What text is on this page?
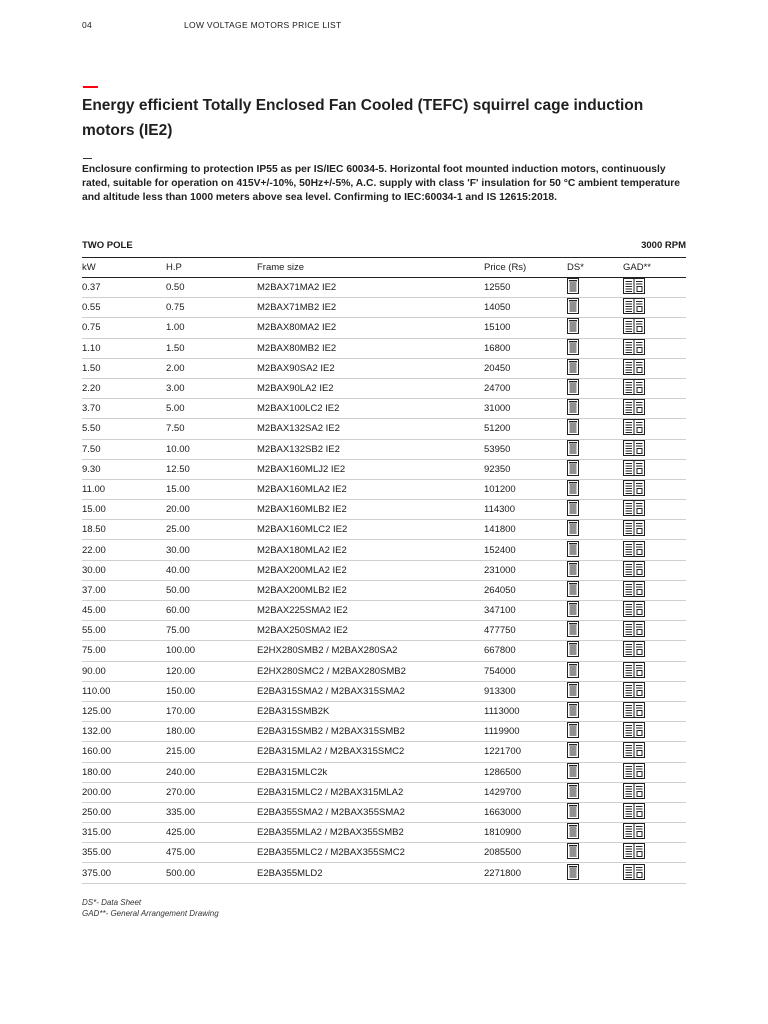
04	LOW VOLTAGE MOTORS PRICE LIST
Energy efficient Totally Enclosed Fan Cooled (TEFC) squirrel cage induction motors (IE2)
Enclosure confirming to protection IP55 as per IS/IEC 60034-5. Horizontal foot mounted induction motors, continuously rated, suitable for operation on 415V+/-10%, 50Hz+/-5%, A.C. supply with class 'F' insulation for 50 °C ambient temperature and altitude less than 1000 meters above sea level. Confirming to IEC:60034-1 and IS 12615:2018.
TWO POLE	3000 RPM
kW	H.P	Frame size	Price (Rs)	DS*	GAD**
0.37	0.50	M2BAX71MA2 IE2	12550		
0.55	0.75	M2BAX71MB2 IE2	14050		
0.75	1.00	M2BAX80MA2 IE2	15100		
1.10	1.50	M2BAX80MB2 IE2	16800		
1.50	2.00	M2BAX90SA2 IE2	20450		
2.20	3.00	M2BAX90LA2 IE2	24700		
3.70	5.00	M2BAX100LC2 IE2	31000		
5.50	7.50	M2BAX132SA2 IE2	51200		
7.50	10.00	M2BAX132SB2 IE2	53950		
9.30	12.50	M2BAX160MLJ2 IE2	92350		
11.00	15.00	M2BAX160MLA2 IE2	101200		
15.00	20.00	M2BAX160MLB2 IE2	114300		
18.50	25.00	M2BAX160MLC2 IE2	141800		
22.00	30.00	M2BAX180MLA2 IE2	152400		
30.00	40.00	M2BAX200MLA2 IE2	231000		
37.00	50.00	M2BAX200MLB2 IE2	264050		
45.00	60.00	M2BAX225SMA2 IE2	347100		
55.00	75.00	M2BAX250SMA2 IE2	477750		
75.00	100.00	E2HX280SMB2 / M2BAX280SA2	667800		
90.00	120.00	E2HX280SMC2 / M2BAX280SMB2	754000		
110.00	150.00	E2BA315SMA2 / M2BAX315SMA2	913300		
125.00	170.00	E2BA315SMB2K	1113000		
132.00	180.00	E2BA315SMB2 / M2BAX315SMB2	1119900		
160.00	215.00	E2BA315MLA2 / M2BAX315SMC2	1221700		
180.00	240.00	E2BA315MLC2k	1286500		
200.00	270.00	E2BA315MLC2 / M2BAX315MLA2	1429700		
250.00	335.00	E2BA355SMA2 / M2BAX355SMA2	1663000		
315.00	425.00	E2BA355MLA2 / M2BAX355SMB2	1810900		
355.00	475.00	E2BA355MLC2 / M2BAX355SMC2	2085500		
375.00	500.00	E2BA355MLD2	2271800		
DS*- Data Sheet
GAD**- General Arrangement Drawing
